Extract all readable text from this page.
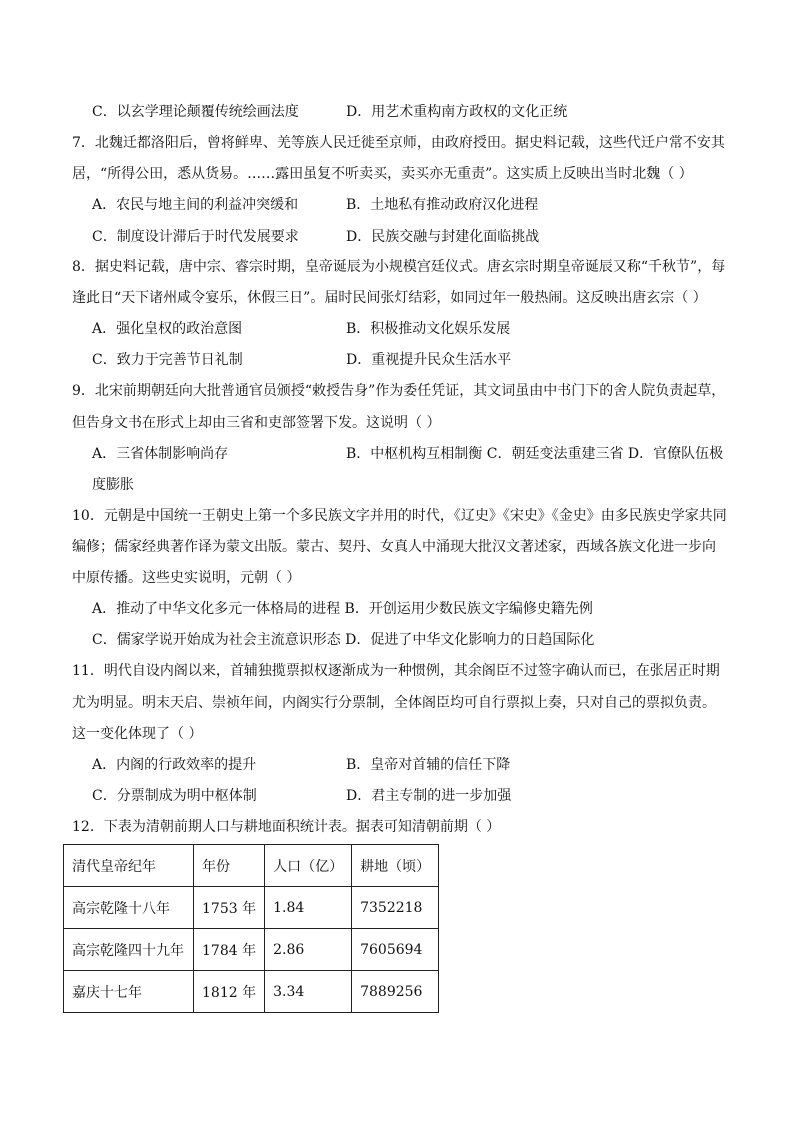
C．以玄学理论颠覆传统绘画法度	D．用艺术重构南方政权的文化正统
7．北魏迁都洛阳后，曾将鲜卑、羌等族人民迁徙至京师，由政府授田。据史料记载，这些代迁户常不安其
居，“所得公田，悉从货易。……露田虽复不听卖买，卖买亦无重责”。这实质上反映出当时北魏（ ）
A．农民与地主间的利益冲突缓和	B．土地私有推动政府汉化进程
C．制度设计滞后于时代发展要求	D．民族交融与封建化面临挑战
8．据史料记载，唐中宗、睿宗时期，皇帝诞辰为小规模宫廷仪式。唐玄宗时期皇帝诞辰又称“千秋节”，每
逢此日“天下诸州咸令宴乐，休假三日”。届时民间张灯结彩，如同过年一般热闹。这反映出唐玄宗（ ）
A．强化皇权的政治意图	B．积极推动文化娱乐发展
C．致力于完善节日礼制	D．重视提升民众生活水平
9．北宋前期朝廷向大批普通官员颁授“敕授告身”作为委任凭证，其文词虽由中书门下的舍人院负责起草，
但告身文书在形式上却由三省和吏部签署下发。这说明（ ）
A．三省体制影响尚存	B．中枢机构互相制衡 C．朝廷变法重建三省 D．官僚队伍极
度膨胀
10．元朝是中国统一王朝史上第一个多民族文字并用的时代，《辽史》《宋史》《金史》由多民族史学家共同
编修；儒家经典著作译为蒙文出版。蒙古、契丹、女真人中涌现大批汉文著述家，西域各族文化进一步向
中原传播。这些史实说明，元朝（ ）
A．推动了中华文化多元一体格局的进程 B．开创运用少数民族文字编修史籍先例
C．儒家学说开始成为社会主流意识形态 D．促进了中华文化影响力的日趋国际化
11．明代自设内阁以来，首辅独揽票拟权逐渐成为一种惯例，其余阁臣不过签字确认而已，在张居正时期
尤为明显。明末天启、崇祯年间，内阁实行分票制，全体阁臣均可自行票拟上奏，只对自己的票拟负责。
这一变化体现了（ ）
A．内阁的行政效率的提升	B．皇帝对首辅的信任下降
C．分票制成为明中枢体制	D．君主专制的进一步加强
12．下表为清朝前期人口与耕地面积统计表。据表可知清朝前期（ ）
清代皇帝纪年	年份	人口（亿）	耕地（顷）
高宗乾隆十八年	1753 年	1.84	7352218
高宗乾隆四十九年	1784 年	2.86	7605694
嘉庆十七年	1812 年	3.34	7889256
